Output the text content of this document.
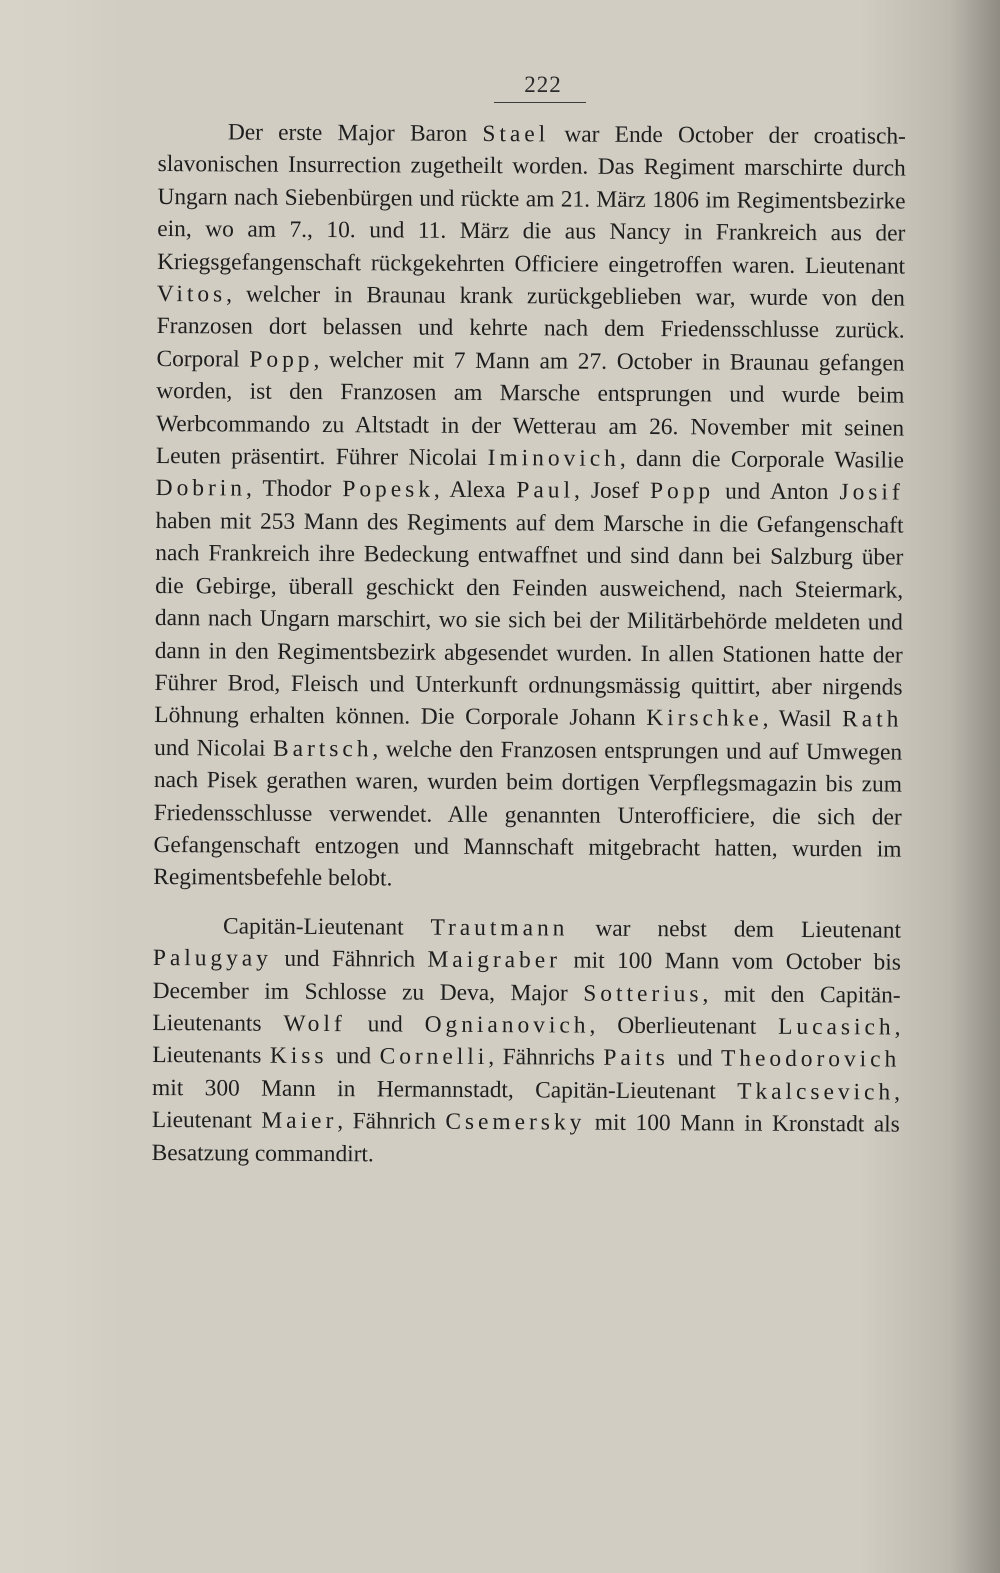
222

Der erste Major Baron Stael war Ende October der croatisch-slavonischen Insurrection zugetheilt worden. Das Regiment marschirte durch Ungarn nach Siebenbürgen und rückte am 21. März 1806 im Regimentsbezirke ein, wo am 7., 10. und 11. März die aus Nancy in Frankreich aus der Kriegsgefangenschaft rückgekehrten Officiere eingetroffen waren. Lieutenant Vitos, welcher in Braunau krank zurückgeblieben war, wurde von den Franzosen dort belassen und kehrte nach dem Friedensschlusse zurück. Corporal Popp, welcher mit 7 Mann am 27. October in Braunau gefangen worden, ist den Franzosen am Marsche entsprungen und wurde beim Werbcommando zu Altstadt in der Wetterau am 26. November mit seinen Leuten präsentirt. Führer Nicolai Iminovich, dann die Corporale Wasilie Dobrin, Thodor Popesk, Alexa Paul, Josef Popp und Anton Josif haben mit 253 Mann des Regiments auf dem Marsche in die Gefangenschaft nach Frankreich ihre Bedeckung entwaffnet und sind dann bei Salzburg über die Gebirge, überall geschickt den Feinden ausweichend, nach Steiermark, dann nach Ungarn marschirt, wo sie sich bei der Militärbehörde meldeten und dann in den Regimentsbezirk abgesendet wurden. In allen Stationen hatte der Führer Brod, Fleisch und Unterkunft ordnungsmässig quittirt, aber nirgends Löhnung erhalten können. Die Corporale Johann Kirschke, Wasil Rath und Nicolai Bartsch, welche den Franzosen entsprungen und auf Umwegen nach Pisek gerathen waren, wurden beim dortigen Verpflegsmagazin bis zum Friedensschlusse verwendet. Alle genannten Unterofficiere, die sich der Gefangenschaft entzogen und Mannschaft mitgebracht hatten, wurden im Regimentsbefehle belobt.

Capitän-Lieutenant Trautmann war nebst dem Lieutenant Palugyay und Fähnrich Maigraber mit 100 Mann vom October bis December im Schlosse zu Deva, Major Sotterius, mit den Capitän-Lieutenants Wolf und Ognianovich, Oberlieutenant Lucasich, Lieutenants Kiss und Cornelli, Fähnrichs Paits und Theodorovich mit 300 Mann in Hermannstadt, Capitän-Lieutenant Tkalcsevich, Lieutenant Maier, Fähnrich Csemersky mit 100 Mann in Kronstadt als Besatzung commandirt.
